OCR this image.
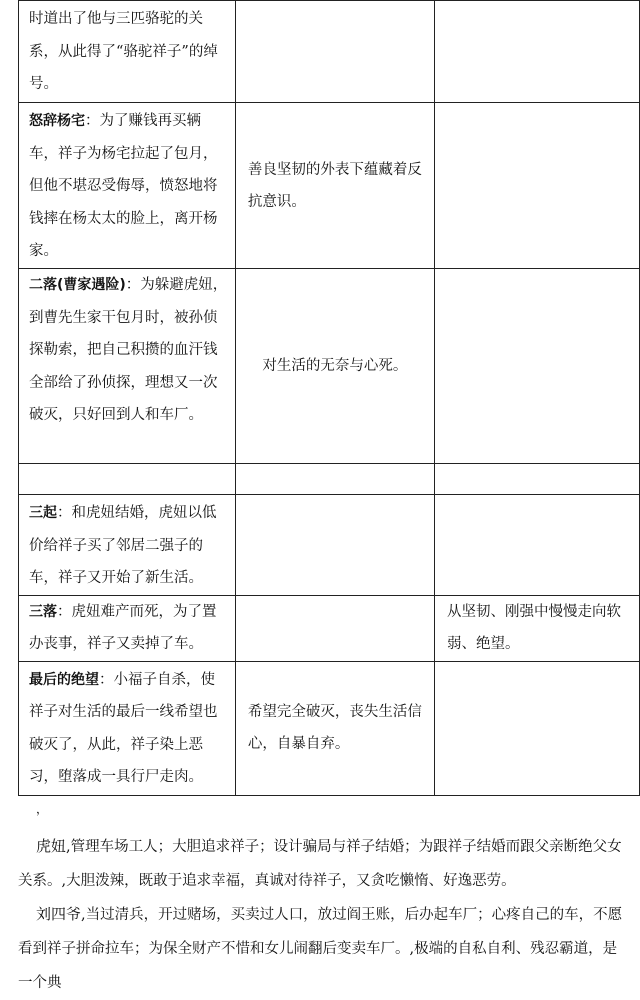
时道出了他与三匹骆驼的关系，从此得了“骆驼祥子”的绰号。		

怒辞杨宅：为了赚钱再买辆车，祥子为杨宅拉起了包月，但他不堪忍受侮辱，愤怒地将钱摔在杨太太的脸上，离开杨家。	善良坚韧的外表下蕴藏着反抗意识。	

二落(曹家遇险)：为躲避虎妞，到曹先生家干包月时，被孙侦探勒索，把自己积攒的血汗钱全部给了孙侦探，理想又一次破灭，只好回到人和车厂。	对生活的无奈与心死。	

三起：和虎妞结婚，虎妞以低价给祥子买了邻居二强子的车，祥子又开始了新生活。		

三落：虎妞难产而死，为了置办丧事，祥子又卖掉了车。		从坚韧、刚强中慢慢走向软弱、绝望。

最后的绝望：小福子自杀，使祥子对生活的最后一线希望也破灭了，从此，祥子染上恶习，堕落成一具行尸走肉。	希望完全破灭，丧失生活信心，自暴自弃。	

，
虎妞,管理车场工人；大胆追求祥子；设计骗局与祥子结婚；为跟祥子结婚而跟父亲断绝父女关系。,大胆泼辣，既敢于追求幸福，真诚对待祥子，又贪吃懒惰、好逸恶劳。
刘四爷,当过清兵，开过赌场，买卖过人口，放过阎王账，后办起车厂；心疼自己的车，不愿看到祥子拼命拉车；为保全财产不惜和女儿闹翻后变卖车厂。,极端的自私自利、残忍霸道，是一个典
